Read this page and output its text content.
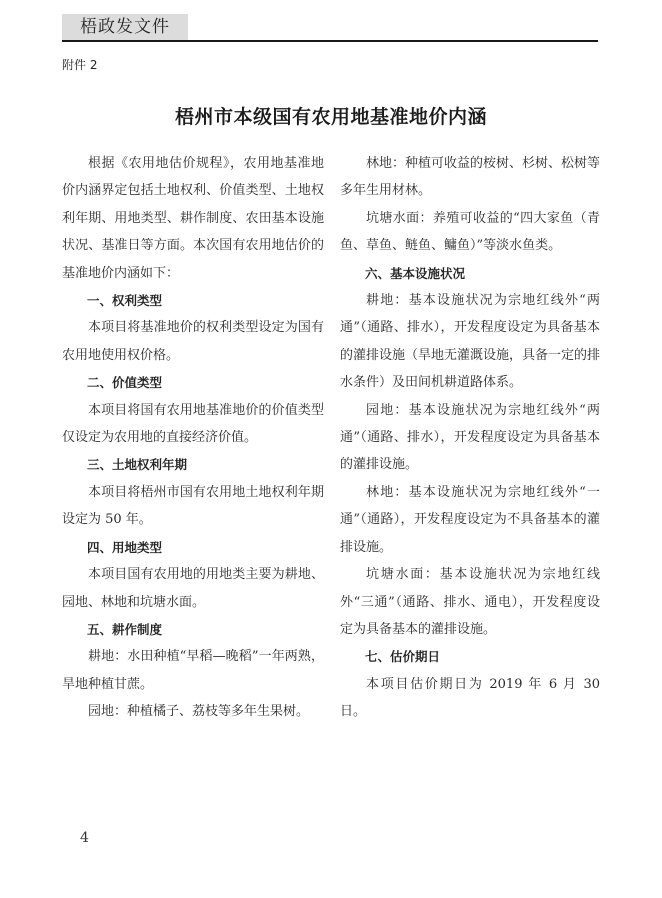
梧政发文件
附件 2
梧州市本级国有农用地基准地价内涵

根据《农用地估价规程》，农用地基准地价内涵界定包括土地权利、价值类型、土地权利年期、用地类型、耕作制度、农田基本设施状况、基准日等方面。本次国有农用地估价的基准地价内涵如下：

一、权利类型

本项目将基准地价的权利类型设定为国有农用地使用权价格。

二、价值类型

本项目将国有农用地基准地价的价值类型仅设定为农用地的直接经济价值。

三、土地权利年期

本项目将梧州市国有农用地土地权利年期设定为 50 年。

四、用地类型

本项目国有农用地的用地类主要为耕地、园地、林地和坑塘水面。

五、耕作制度

耕地：水田种植“早稻—晚稻”一年两熟，旱地种植甘蔗。

园地：种植橘子、荔枝等多年生果树。

林地：种植可收益的桉树、杉树、松树等多年生用材林。

坑塘水面：养殖可收益的“四大家鱼（青鱼、草鱼、鲢鱼、鳙鱼）”等淡水鱼类。

六、基本设施状况

耕地：基本设施状况为宗地红线外“两通”（通路、排水），开发程度设定为具备基本的灌排设施（旱地无灌溉设施，具备一定的排水条件）及田间机耕道路体系。

园地：基本设施状况为宗地红线外“两通”（通路、排水），开发程度设定为具备基本的灌排设施。

林地：基本设施状况为宗地红线外“一通”（通路），开发程度设定为不具备基本的灌排设施。

坑塘水面：基本设施状况为宗地红线外“三通”（通路、排水、通电），开发程度设定为具备基本的灌排设施。

七、估价期日

本项目估价期日为 2019 年 6 月 30 日。

4
